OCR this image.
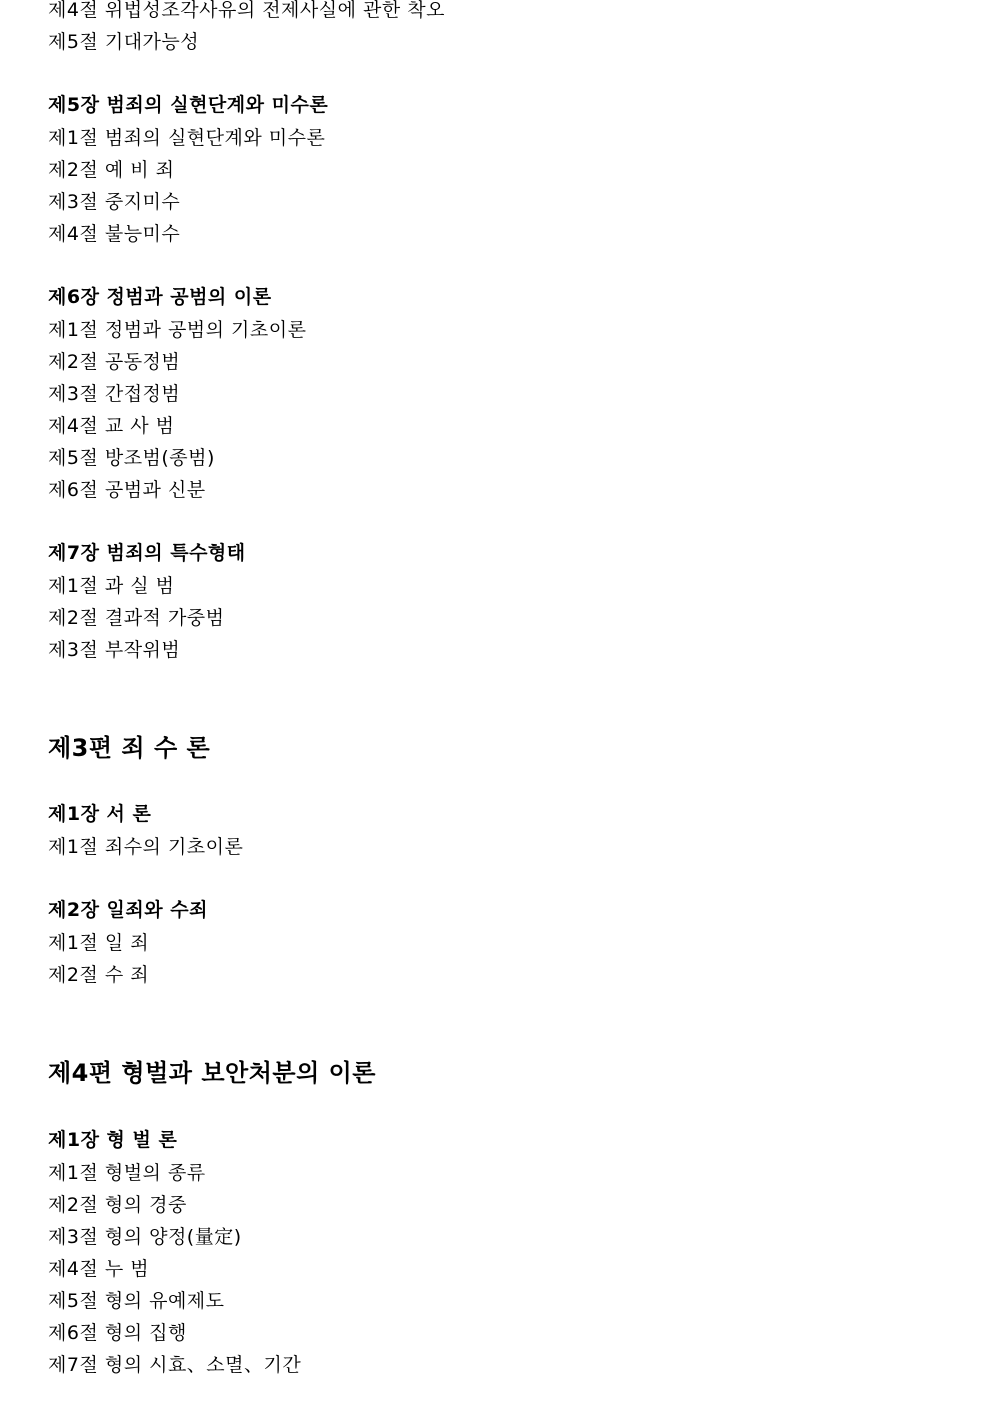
제4절 위법성조각사유의 전제사실에 관한 착오
제5절 기대가능성
제5장 범죄의 실현단계와 미수론
제1절 범죄의 실현단계와 미수론
제2절 예 비 죄
제3절 중지미수
제4절 불능미수
제6장 정범과 공범의 이론
제1절 정범과 공범의 기초이론
제2절 공동정범
제3절 간접정범
제4절 교 사 범
제5절 방조범(종범)
제6절 공범과 신분
제7장 범죄의 특수형태
제1절 과 실 범
제2절 결과적 가중범
제3절 부작위범
제3편 죄 수 론
제1장 서 론
제1절 죄수의 기초이론
제2장 일죄와 수죄
제1절 일 죄
제2절 수 죄
제4편 형벌과 보안처분의 이론
제1장 형 벌 론
제1절 형벌의 종류
제2절 형의 경중
제3절 형의 양정(量定)
제4절 누 범
제5절 형의 유예제도
제6절 형의 집행
제7절 형의 시효、소멸、기간
